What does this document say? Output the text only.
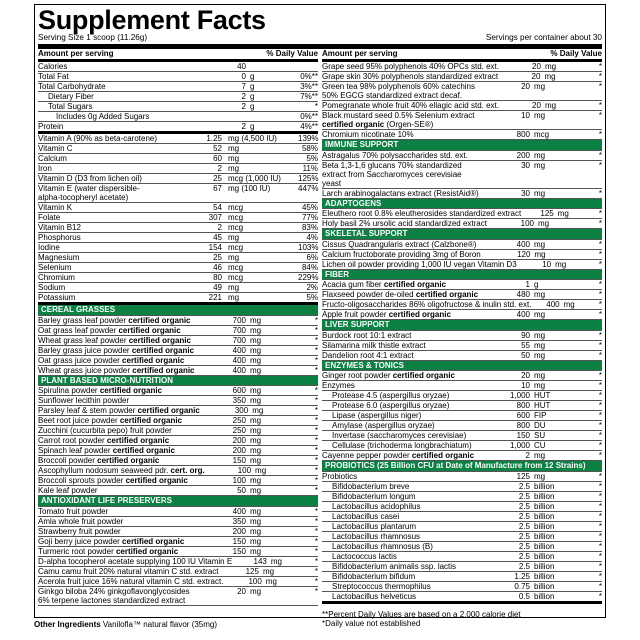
Supplement Facts
Serving Size 1 scoop (11.26g)	Servings per container about 30
Amount per serving	% Daily Value
Calories	40
Total Fat	0 g	0%**
Total Carbohydrate	7 g	3%**
Dietary Fiber	2 g	7%**
Total Sugars	2 g	*
Includes 0g Added Sugars	0%**
Protein	2 g	4%**
Vitamin A (90% as beta-carotene)	1.25 mg (4,500 IU)	139%
Vitamin C	52 mg	58%
Calcium	60 mg	5%
Iron	2 mg	11%
Vitamin D (D3 from lichen oil)	25 mcg (1,000 IU)	125%
Vitamin E (water dispersible-alpha-tocopheryl acetate)
67 mg (100 IU)	447%
Vitamin K	54 mcg	45%
Folate	307 mcg	77%
Vitamin B12	2 mcg	83%
Phosphorus	45 mg	4%
Iodine	154 mcg	103%
Magnesium	25 mg	6%
Selenium	46 mcg	84%
Chromium	80 mcg	229%
Sodium	49 mg	2%
Potassium	221 mg	5%
CEREAL GRASSES
Barley grass leaf powder certified organic	700 mg	*
Oat grass leaf powder certified organic	700 mg	*
Wheat grass leaf powder certified organic	700 mg	*
Barley grass juice powder certified organic	400 mg	*
Oat grass juice powder certified organic	400 mg	*
Wheat grass juice powder certified organic	400 mg	*
PLANT BASED MICRO-NUTRITION
Spirulina powder certified organic	600 mg	*
Sunflower lecithin powder	350 mg	*
Parsley leaf & stem powder certified organic	300 mg	*
Beet root juice powder certified organic	250 mg	*
Zucchini (cucurbita pepo) fruit powder	250 mg	*
Carrot root powder certified organic	200 mg	*
Spinach leaf powder certified organic	200 mg	*
Broccoli powder certified organic	150 mg	*
Ascophyllum nodosum seaweed pdr. cert. org.	100 mg	*
Broccoli sprouts powder certified organic	100 mg	*
Kale leaf powder	50 mg	*
ANTIOXIDANT LIFE PRESERVERS
Tomato fruit powder	400 mg	*
Amla whole fruit powder	350 mg	*
Strawberry fruit powder	200 mg	*
Goji berry juice powder certified organic	150 mg	*
Turmeric root powder certified organic	150 mg	*
D-alpha tocopherol acetate supplying 100 IU Vitamin E	143 mg	*
Camu camu fruit 20% natural vitamin C std. extract	125 mg	*
Acerola fruit juice 16% natural vitamin C std. extract.	100 mg	*
Ginkgo biloba 24% ginkgoflavonglycosides 6% terpene lactones standardized extract
20 mg	*
Amount per serving	% Daily Value
Grape seed 95% polyphenols 40% OPCs std. ext.	20 mg	*
Grape skin 30% polyphenols standardized extract	20 mg	*
Green tea 98% polyphenols 60% catechins 50% EGCG standardized extract decaf.
20 mg	*
Pomegranate whole fruit 40% ellagic acid std. ext.	20 mg	*
Black mustard seed 0.5% Selenium extract certified organic (Orgen-SE®)
10 mg	*
Chromium nicotinate 10%	800 mcg	*
IMMUNE SUPPORT
Astragalus 70% polysaccharides std. ext.	200 mg	*
Beta 1,3-1,6 glucans 70% standardized extract from Saccharomyces cerevisiae yeast
30 mg	*
Larch arabinogalactans extract (ResistAid®)	30 mg	*
ADAPTOGENS
Eleuthero root 0.8% eleutherosides standardized extract	125 mg	*
Holy basil 2% ursolic acid standardized extract	100 mg	*
SKELETAL SUPPORT
Cissus Quadrangularis extract (Calzbone®)	400 mg	*
Calcium fructoborate providing 3mg of Boron	120 mg	*
Lichen oil powder providing 1,000 IU vegan Vitamin D3	10 mg	*
FIBER
Acacia gum fiber certified organic	1 g	*
Flaxseed powder de-oiled certified organic	480 mg	*
Fructo-oligosaccharides 86% oligofructose & inulin std. ext.	400 mg	*
Apple fruit powder certified organic	400 mg	*
LIVER SUPPORT
Burdock root 10:1 extract	90 mg	*
Silamarina milk thistle extract	55 mg	*
Dandelion root 4:1 extract	50 mg	*
ENZYMES & TONICS
Ginger root powder certified organic	20 mg	*
Enzymes	10 mg	*
Protease 4.5 (aspergillus oryzae)	1,000 HUT	*
Protease 6.0 (aspergillus oryzae)	800 HUT	*
Lipase (aspergillus niger)	600 FIP	*
Amylase (aspergillus oryzae)	800 DU	*
Invertase (saccharomyces cerevisiae)	150 SU	*
Cellulase (trichoderma longbrachiatum)	1,000 CU	*
Cayenne pepper powder certified organic	2 mg	*
PROBIOTICS (25 Billion CFU at Date of Manufacture from 12 Strains)
Probiotics	125 mg	*
Bifidobacterium breve	2.5 billion	*
Bifidobacterium longum	2.5 billion	*
Lactobacillus acidophilus	2.5 billion	*
Lactobacillus casei	2.5 billion	*
Lactobacillus plantarum	2.5 billion	*
Lactobacillus rhamnosus	2.5 billion	*
Lactobacillus rhamnosus (B)	2.5 billion	*
Lactococcus lactis	2.5 billion	*
Bifidobacterium animalis ssp. lactis	2.5 billion	*
Bifidobacterium bifidum	1.25 billion	*
Streptococcus thermophilus	0.75 billion	*
Lactobacillus helveticus	0.5 billion	*
**Percent Daily Values are based on a 2,000 calorie diet
*Daily value not established
Other Ingredients Vanilofla™ natural flavor (35mg)
